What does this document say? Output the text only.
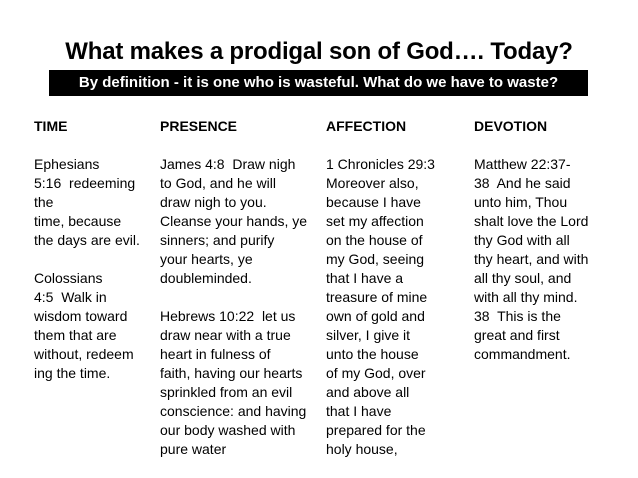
What makes a prodigal son of God…. Today?
By definition - it is one who is wasteful. What do we have to waste?
TIME
Ephesians
5:16  redeeming
the
time, because
the days are evil.

Colossians
4:5  Walk in
wisdom toward
them that are
without, redeem
ing the time.
PRESENCE
James 4:8  Draw nigh
to God, and he will
draw nigh to you.
Cleanse your hands, ye
sinners; and purify
your hearts, ye
doubleminded.

Hebrews 10:22  let us
draw near with a true
heart in fulness of
faith, having our hearts
sprinkled from an evil
conscience: and having
our body washed with
pure water
AFFECTION
1 Chronicles 29:3
Moreover also,
because I have
set my affection
on the house of
my God, seeing
that I have a
treasure of mine
own of gold and
silver, I give it
unto the house
of my God, over
and above all
that I have
prepared for the
holy house,
DEVOTION
Matthew 22:37-
38  And he said
unto him, Thou
shalt love the Lord
thy God with all
thy heart, and with
all thy soul, and
with all thy mind.
38  This is the
great and first
commandment.
